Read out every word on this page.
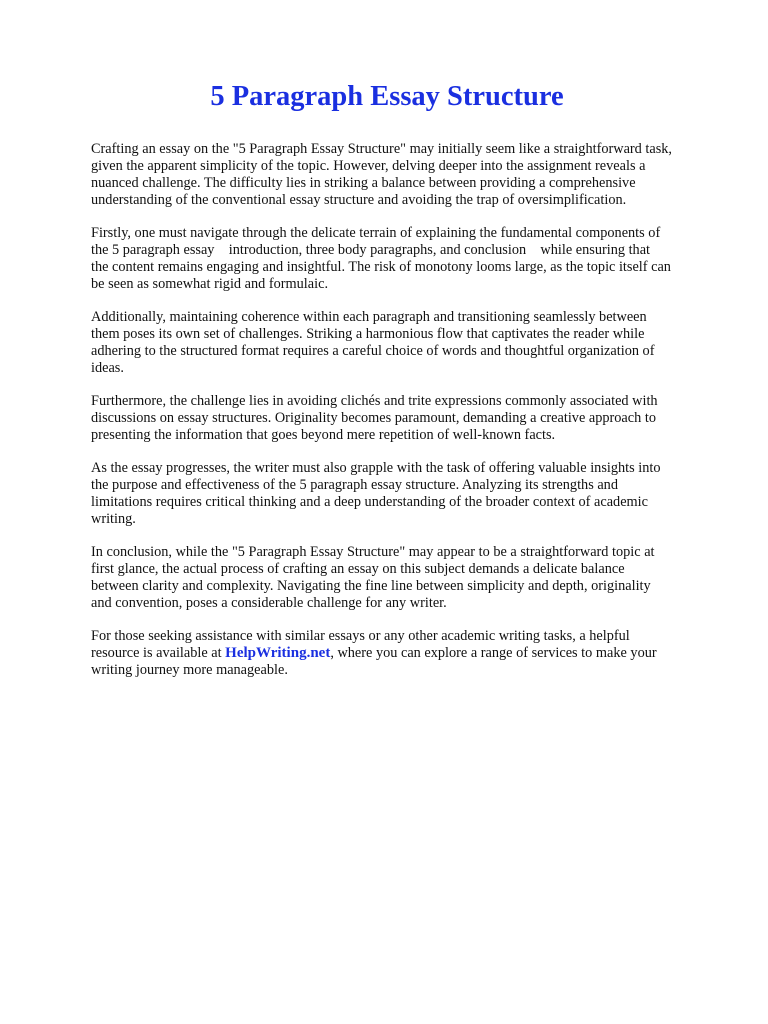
5 Paragraph Essay Structure

Crafting an essay on the "5 Paragraph Essay Structure" may initially seem like a straightforward task,
given the apparent simplicity of the topic. However, delving deeper into the assignment reveals a
nuanced challenge. The difficulty lies in striking a balance between providing a comprehensive
understanding of the conventional essay structure and avoiding the trap of oversimplification.

Firstly, one must navigate through the delicate terrain of explaining the fundamental components of
the 5 paragraph essay    introduction, three body paragraphs, and conclusion    while ensuring that
the content remains engaging and insightful. The risk of monotony looms large, as the topic itself can
be seen as somewhat rigid and formulaic.

Additionally, maintaining coherence within each paragraph and transitioning seamlessly between
them poses its own set of challenges. Striking a harmonious flow that captivates the reader while
adhering to the structured format requires a careful choice of words and thoughtful organization of
ideas.

Furthermore, the challenge lies in avoiding clichés and trite expressions commonly associated with
discussions on essay structures. Originality becomes paramount, demanding a creative approach to
presenting the information that goes beyond mere repetition of well-known facts.

As the essay progresses, the writer must also grapple with the task of offering valuable insights into
the purpose and effectiveness of the 5 paragraph essay structure. Analyzing its strengths and
limitations requires critical thinking and a deep understanding of the broader context of academic
writing.

In conclusion, while the "5 Paragraph Essay Structure" may appear to be a straightforward topic at
first glance, the actual process of crafting an essay on this subject demands a delicate balance
between clarity and complexity. Navigating the fine line between simplicity and depth, originality
and convention, poses a considerable challenge for any writer.

For those seeking assistance with similar essays or any other academic writing tasks, a helpful
resource is available at HelpWriting.net, where you can explore a range of services to make your
writing journey more manageable.
